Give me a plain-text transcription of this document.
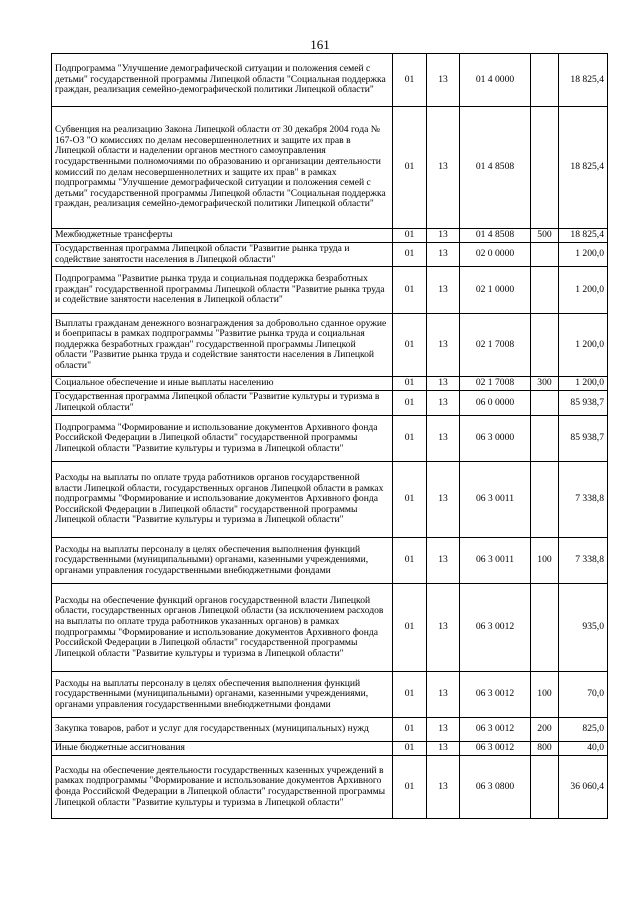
161
Подпрограмма "Улучшение демографической ситуации и положения семей с детьми" государственной программы Липецкой области "Социальная поддержка граждан, реализация семейно-демографической политики Липецкой области"	01	13	01 4 0000		18 825,4
Субвенция на реализацию Закона Липецкой области от 30 декабря 2004 года № 167-ОЗ "О комиссиях по делам несовершеннолетних и защите их прав в Липецкой области и наделении органов местного самоуправления государственными полномочиями по образованию и организации деятельности комиссий по делам несовершеннолетних и защите их прав" в рамках подпрограммы "Улучшение демографической ситуации и положения семей с детьми" государственной программы Липецкой области "Социальная поддержка граждан, реализация семейно-демографической политики Липецкой области"	01	13	01 4 8508		18 825,4
Межбюджетные трансферты	01	13	01 4 8508	500	18 825,4
Государственная программа Липецкой области "Развитие рынка труда и содействие занятости населения в Липецкой области"	01	13	02 0 0000		1 200,0
Подпрограмма "Развитие рынка труда и социальная поддержка безработных граждан" государственной программы Липецкой области "Развитие рынка труда и содействие занятости населения в Липецкой области"	01	13	02 1 0000		1 200,0
Выплаты гражданам денежного вознаграждения за добровольно сданное оружие и боеприпасы в рамках подпрограммы "Развитие рынка труда и социальная поддержка безработных граждан" государственной программы Липецкой области "Развитие рынка труда и содействие занятости населения в Липецкой области"	01	13	02 1 7008		1 200,0
Социальное обеспечение и иные выплаты населению	01	13	02 1 7008	300	1 200,0
Государственная программа Липецкой области "Развитие культуры и туризма в Липецкой области"	01	13	06 0 0000		85 938,7
Подпрограмма "Формирование и использование документов Архивного фонда Российской Федерации в Липецкой области" государственной программы Липецкой области "Развитие культуры и туризма в Липецкой области"	01	13	06 3 0000		85 938,7
Расходы на выплаты по оплате труда работников органов государственной власти Липецкой области, государственных органов Липецкой области в рамках подпрограммы "Формирование и использование документов Архивного фонда Российской Федерации в Липецкой области" государственной программы Липецкой области "Развитие культуры и туризма в Липецкой области"	01	13	06 3 0011		7 338,8
Расходы на выплаты персоналу в целях обеспечения выполнения функций государственными (муниципальными) органами, казенными учреждениями, органами управления государственными внебюджетными фондами	01	13	06 3 0011	100	7 338,8
Расходы на обеспечение функций органов государственной власти Липецкой области, государственных органов Липецкой области (за исключением расходов на выплаты по оплате труда работников указанных органов) в рамках подпрограммы "Формирование и использование документов Архивного фонда Российской Федерации в Липецкой области" государственной программы Липецкой области "Развитие культуры и туризма в Липецкой области"	01	13	06 3 0012		935,0
Расходы на выплаты персоналу в целях обеспечения выполнения функций государственными (муниципальными) органами, казенными учреждениями, органами управления государственными внебюджетными фондами	01	13	06 3 0012	100	70,0
Закупка товаров, работ и услуг для государственных (муниципальных) нужд	01	13	06 3 0012	200	825,0
Иные бюджетные ассигнования	01	13	06 3 0012	800	40,0
Расходы на обеспечение деятельности государственных казенных учреждений в рамках подпрограммы "Формирование и использование документов Архивного фонда Российской Федерации в Липецкой области" государственной программы Липецкой области "Развитие культуры и туризма в Липецкой области"	01	13	06 3 0800		36 060,4
